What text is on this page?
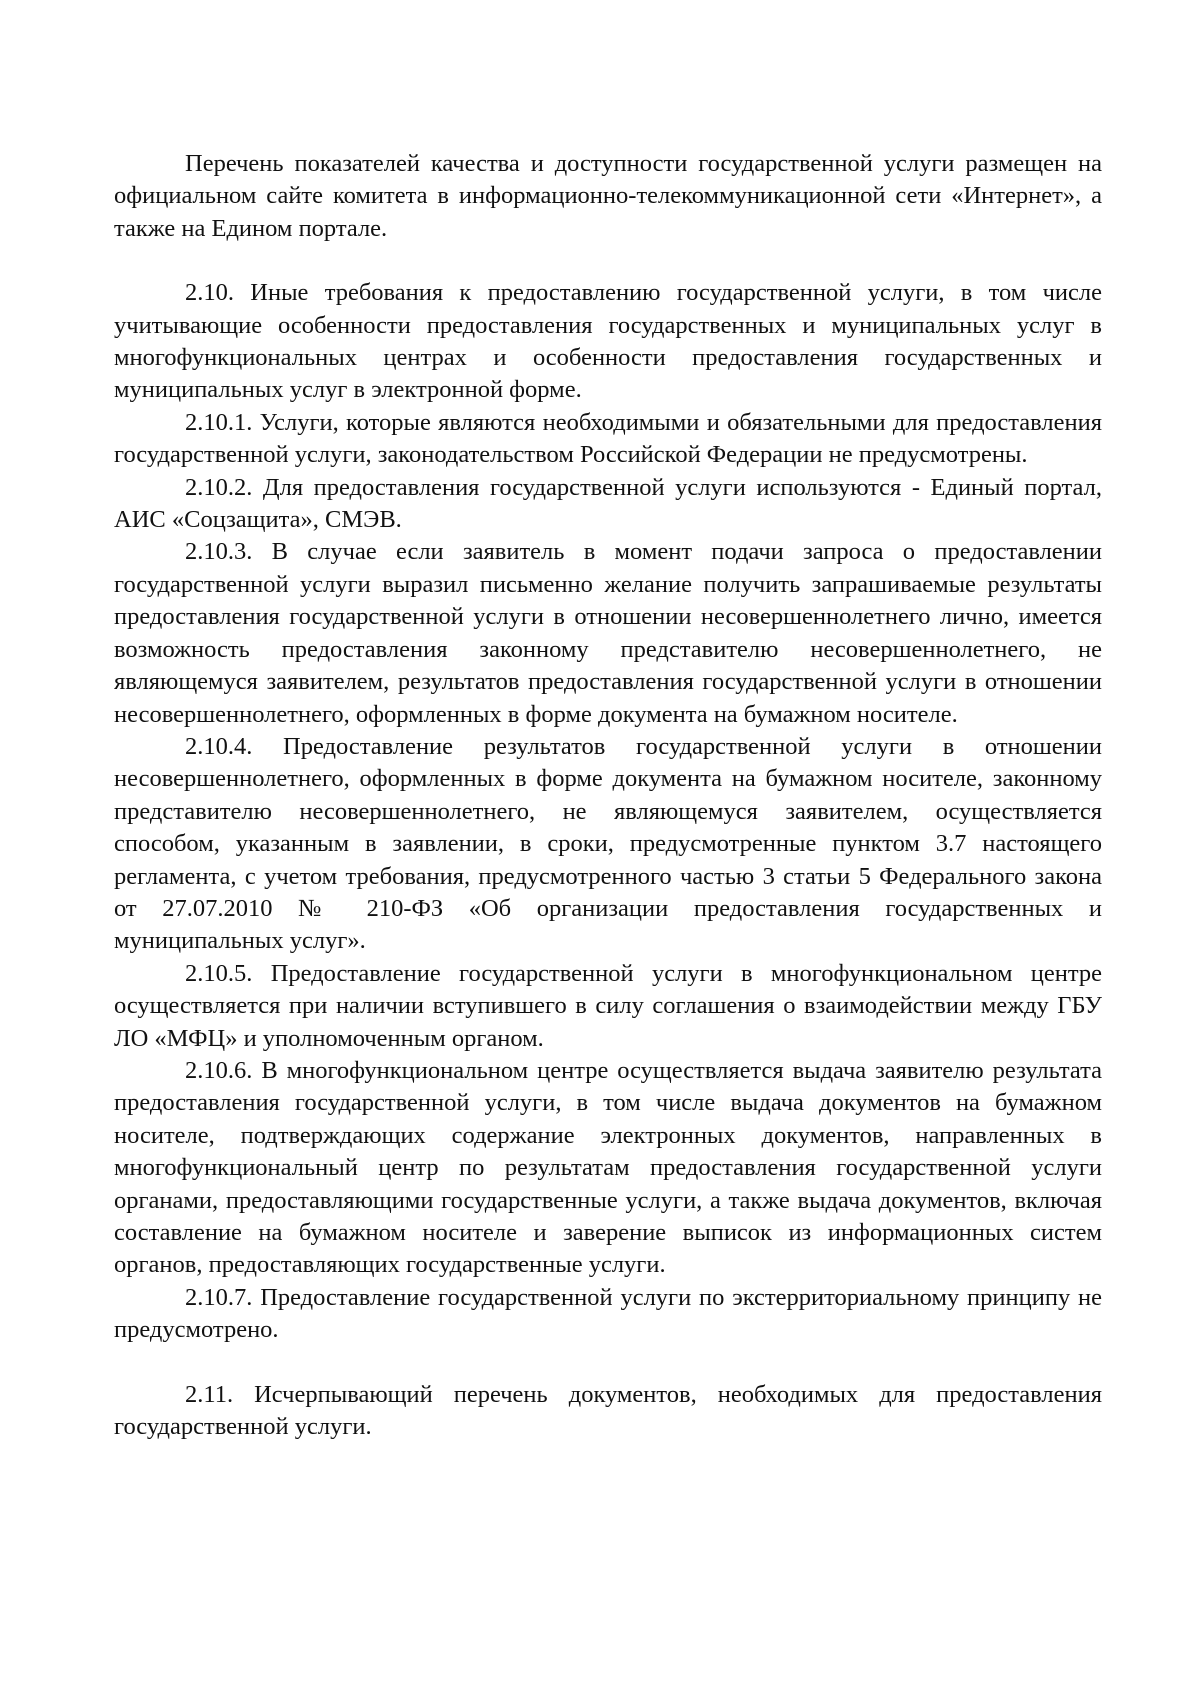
Перечень показателей качества и доступности государственной услуги размещен на официальном сайте комитета в информационно-телекоммуникационной сети «Интернет», а также на Едином портале.

2.10. Иные требования к предоставлению государственной услуги, в том числе учитывающие особенности предоставления государственных и муниципальных услуг в многофункциональных центрах и особенности предоставления государственных и муниципальных услуг в электронной форме.

2.10.1. Услуги, которые являются необходимыми и обязательными для предоставления государственной услуги, законодательством Российской Федерации не предусмотрены.

2.10.2. Для предоставления государственной услуги используются - Единый портал, АИС «Соцзащита», СМЭВ.

2.10.3. В случае если заявитель в момент подачи запроса о предоставлении государственной услуги выразил письменно желание получить запрашиваемые результаты предоставления государственной услуги в отношении несовершеннолетнего лично, имеется возможность предоставления законному представителю несовершеннолетнего, не являющемуся заявителем, результатов предоставления государственной услуги в отношении несовершеннолетнего, оформленных в форме документа на бумажном носителе.

2.10.4. Предоставление результатов государственной услуги в отношении несовершеннолетнего, оформленных в форме документа на бумажном носителе, законному представителю несовершеннолетнего, не являющемуся заявителем, осуществляется способом, указанным в заявлении, в сроки, предусмотренные пунктом 3.7 настоящего регламента, с учетом требования, предусмотренного частью 3 статьи 5 Федерального закона от 27.07.2010 № 210-ФЗ «Об организации предоставления государственных и муниципальных услуг».

2.10.5. Предоставление государственной услуги в многофункциональном центре осуществляется при наличии вступившего в силу соглашения о взаимодействии между ГБУ ЛО «МФЦ» и уполномоченным органом.

2.10.6. В многофункциональном центре осуществляется выдача заявителю результата предоставления государственной услуги, в том числе выдача документов на бумажном носителе, подтверждающих содержание электронных документов, направленных в многофункциональный центр по результатам предоставления государственной услуги органами, предоставляющими государственные услуги, а также выдача документов, включая составление на бумажном носителе и заверение выписок из информационных систем органов, предоставляющих государственные услуги.

2.10.7. Предоставление государственной услуги по экстерриториальному принципу не предусмотрено.

2.11. Исчерпывающий перечень документов, необходимых для предоставления государственной услуги.
